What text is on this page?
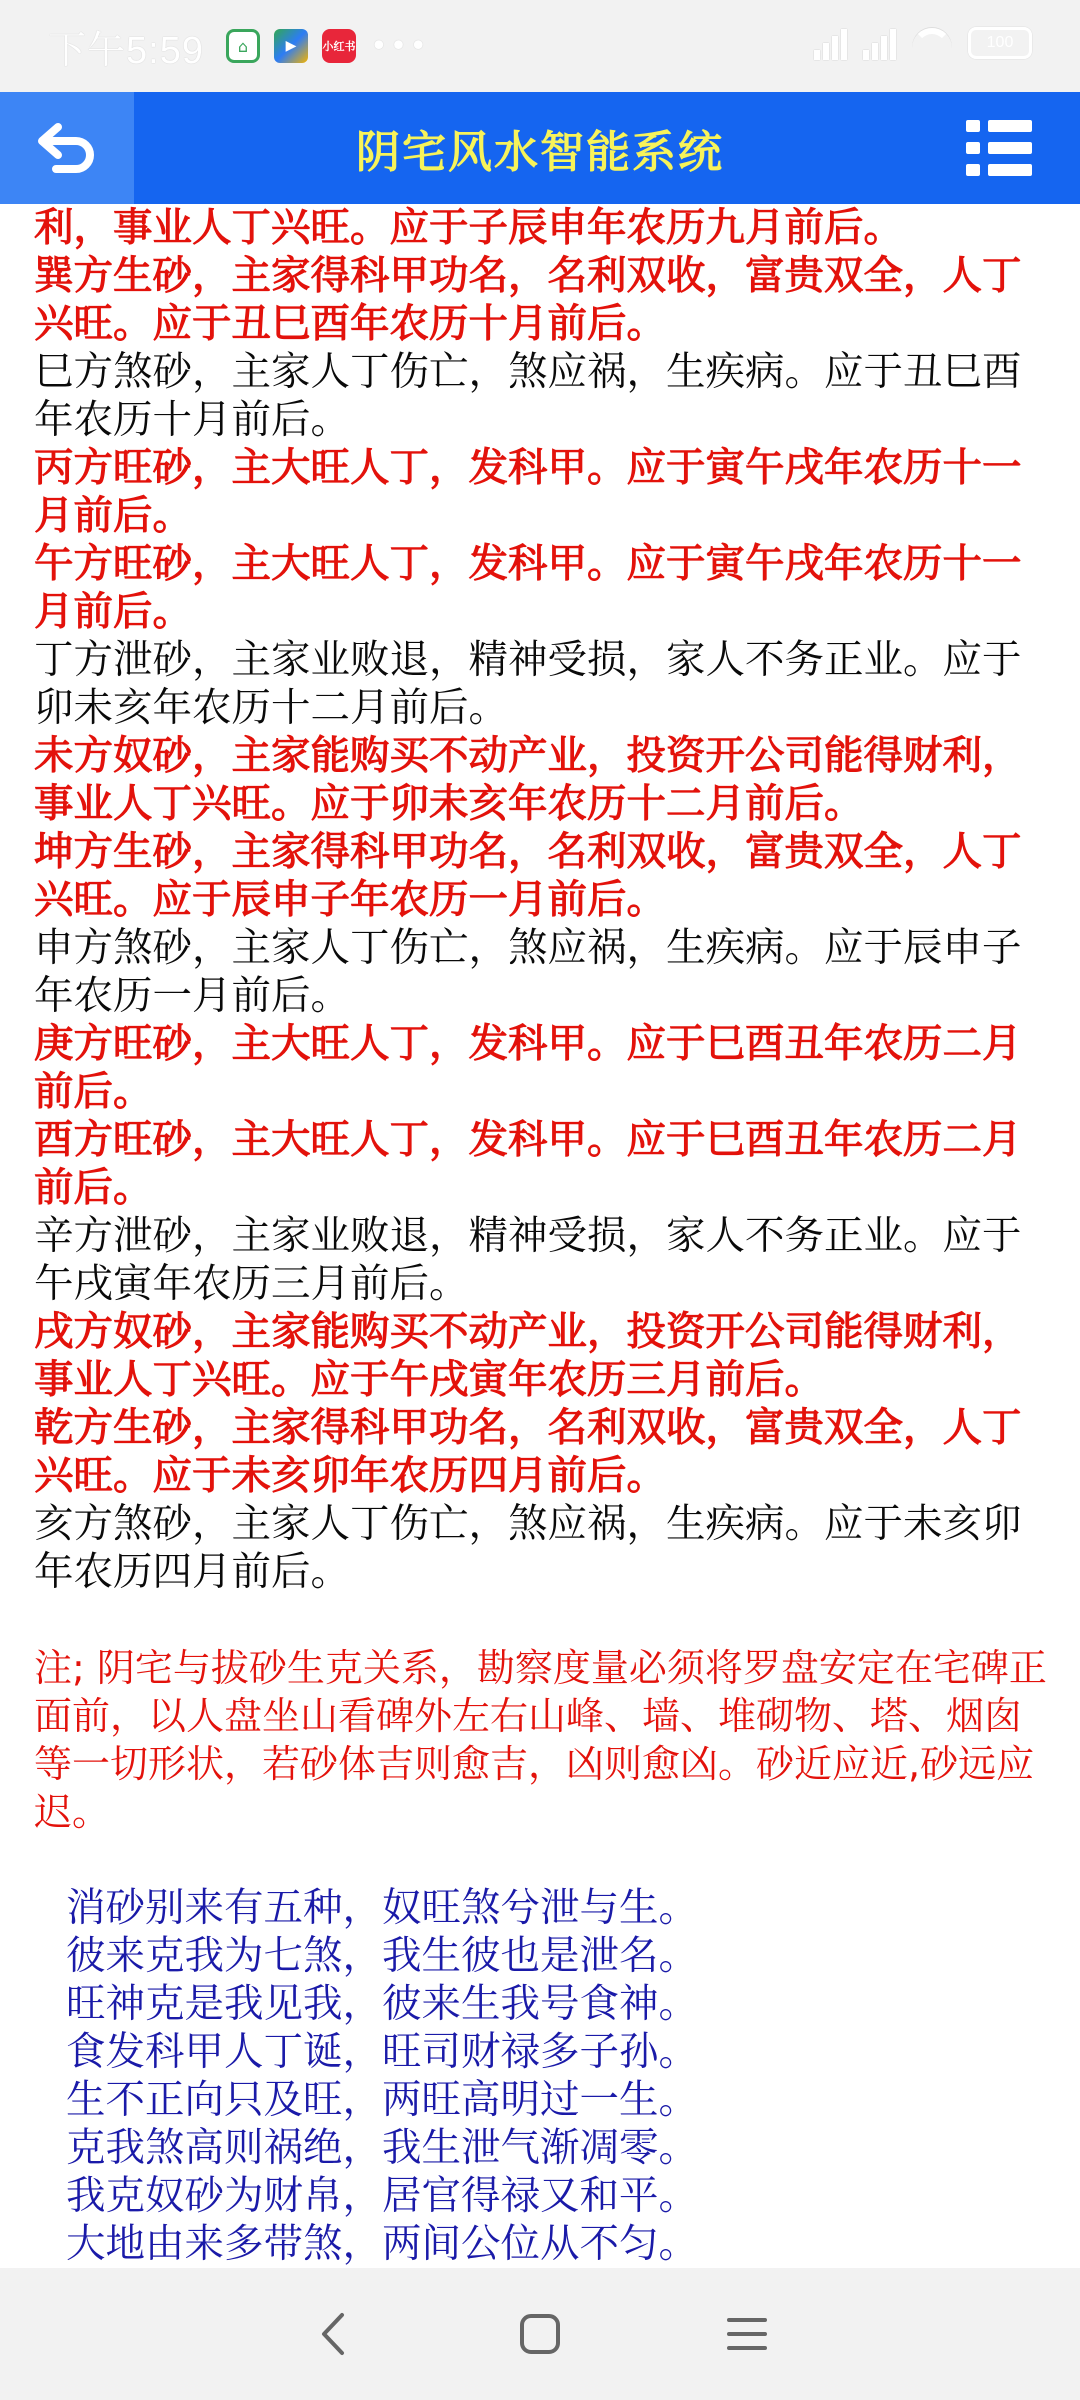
下午5:59	⌂	▶	小红书 •••	100
阴宅风水智能系统

利，事业人丁兴旺。应于子辰申年农历九月前后。

巽方生砂，主家得科甲功名，名利双收，富贵双全，人丁兴旺。应于丑巳酉年农历十月前后。

巳方煞砂，主家人丁伤亡，煞应祸，生疾病。应于丑巳酉年农历十月前后。

丙方旺砂，主大旺人丁，发科甲。应于寅午戌年农历十一月前后。

午方旺砂，主大旺人丁，发科甲。应于寅午戌年农历十一月前后。

丁方泄砂，主家业败退，精神受损，家人不务正业。应于卯未亥年农历十二月前后。

未方奴砂，主家能购买不动产业，投资开公司能得财利，事业人丁兴旺。应于卯未亥年农历十二月前后。

坤方生砂，主家得科甲功名，名利双收，富贵双全，人丁兴旺。应于辰申子年农历一月前后。

申方煞砂，主家人丁伤亡，煞应祸，生疾病。应于辰申子年农历一月前后。

庚方旺砂，主大旺人丁，发科甲。应于巳酉丑年农历二月前后。

酉方旺砂，主大旺人丁，发科甲。应于巳酉丑年农历二月前后。

辛方泄砂，主家业败退，精神受损，家人不务正业。应于午戌寅年农历三月前后。

戌方奴砂，主家能购买不动产业，投资开公司能得财利，事业人丁兴旺。应于午戌寅年农历三月前后。

乾方生砂，主家得科甲功名，名利双收，富贵双全，人丁兴旺。应于未亥卯年农历四月前后。

亥方煞砂，主家人丁伤亡，煞应祸，生疾病。应于未亥卯年农历四月前后。

注; 阴宅与拔砂生克关系，勘察度量必须将罗盘安定在宅碑正面前，以人盘坐山看碑外左右山峰、墙、堆砌物、塔、烟囱等一切形状，若砂体吉则愈吉，凶则愈凶。砂近应近,砂远应迟。

消砂别来有五种，奴旺煞兮泄与生。
彼来克我为七煞，我生彼也是泄名。
旺神克是我见我，彼来生我号食神。
食发科甲人丁诞，旺司财禄多子孙。
生不正向只及旺，两旺高明过一生。
克我煞高则祸绝，我生泄气渐凋零。
我克奴砂为财帛，居官得禄又和平。
大地由来多带煞，两间公位从不匀。
